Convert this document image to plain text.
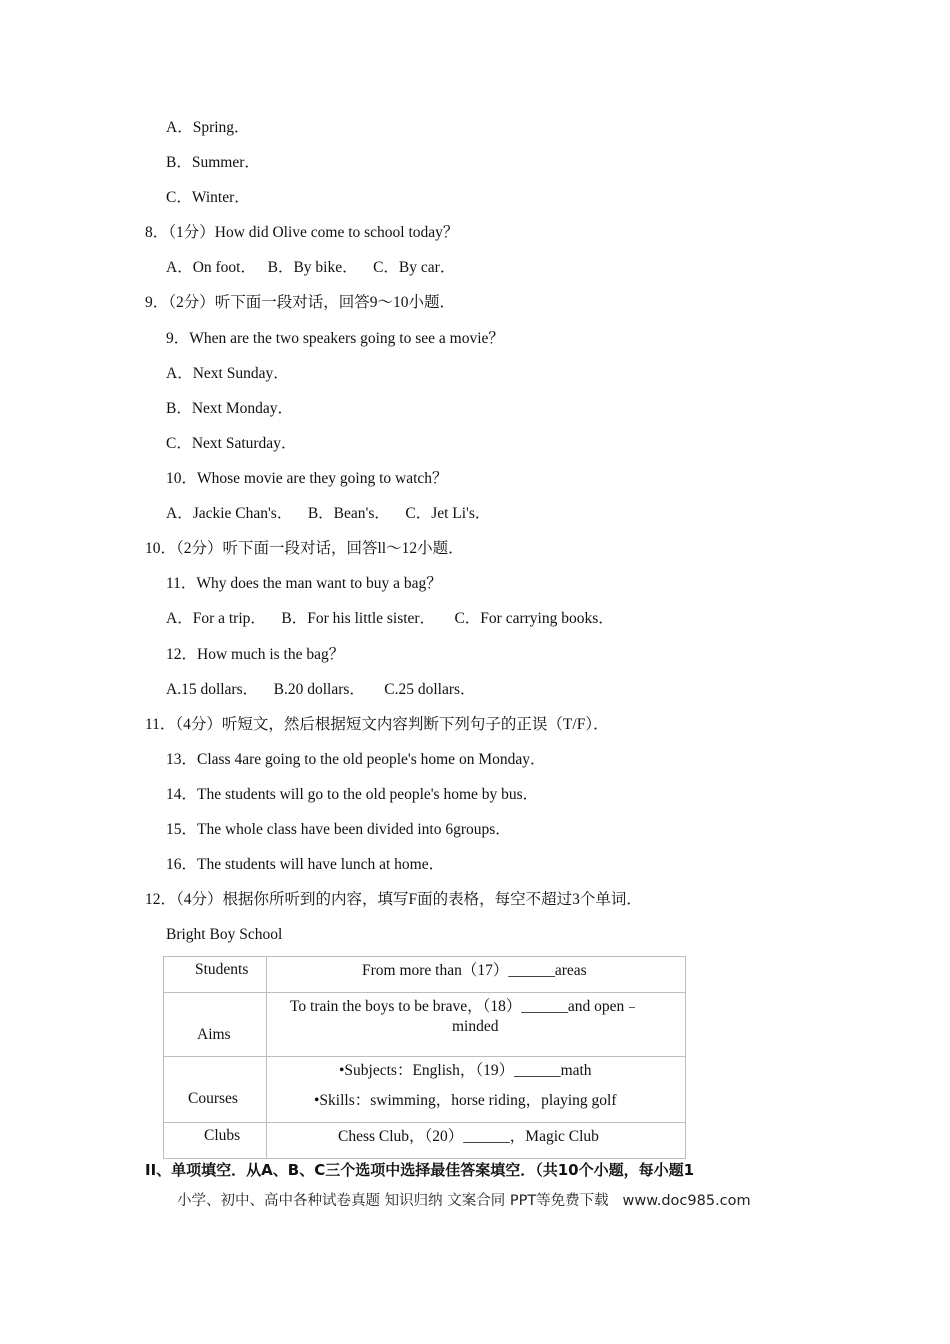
A．Spring．
B．Summer．
C．Winter．
8．（1分）How did Olive come to school today？
A．On foot．   B．By bike．    C．By car．
9．（2分）听下面一段对话，回答9～10小题．
9．When are the two speakers going to see a movie？
A．Next Sunday．
B．Next Monday．
C．Next Saturday．
10．Whose movie are they going to watch？
A．Jackie Chan's．    B．Bean's．    C．Jet Li's．
10．（2分）听下面一段对话，回答ll～12小题．
11．Why does the man want to buy a bag？
A．For a trip．    B．For his little sister．     C．For carrying books．
12．How much is the bag？
A.15 dollars．    B.20 dollars．     C.25 dollars．
11．（4分）听短文，然后根据短文内容判断下列句子的正误（T/F）．
13．Class 4are going to the old people's home on Monday．
14．The students will go to the old people's home by bus．
15．The whole class have been divided into 6groups．
16．The students will have lunch at home．
12．（4分）根据你所听到的内容，填写F面的表格，每空不超过3个单词．
Bright Boy School
Students	From more than（17）______areas

Aims	To train the boys to be brave，（18）______and open﹣
minded

Courses	•Subjects：English，（19）______math
•Skills：swimming，horse riding，playing golf

Clubs	Chess Club，（20）______，Magic Club
II、单项填空．从A、B、C三个选项中选择最佳答案填空．（共10个小题，每小题1
小学、初中、高中各种试卷真题 知识归纳 文案合同 PPT等免费下载   www.doc985.com
